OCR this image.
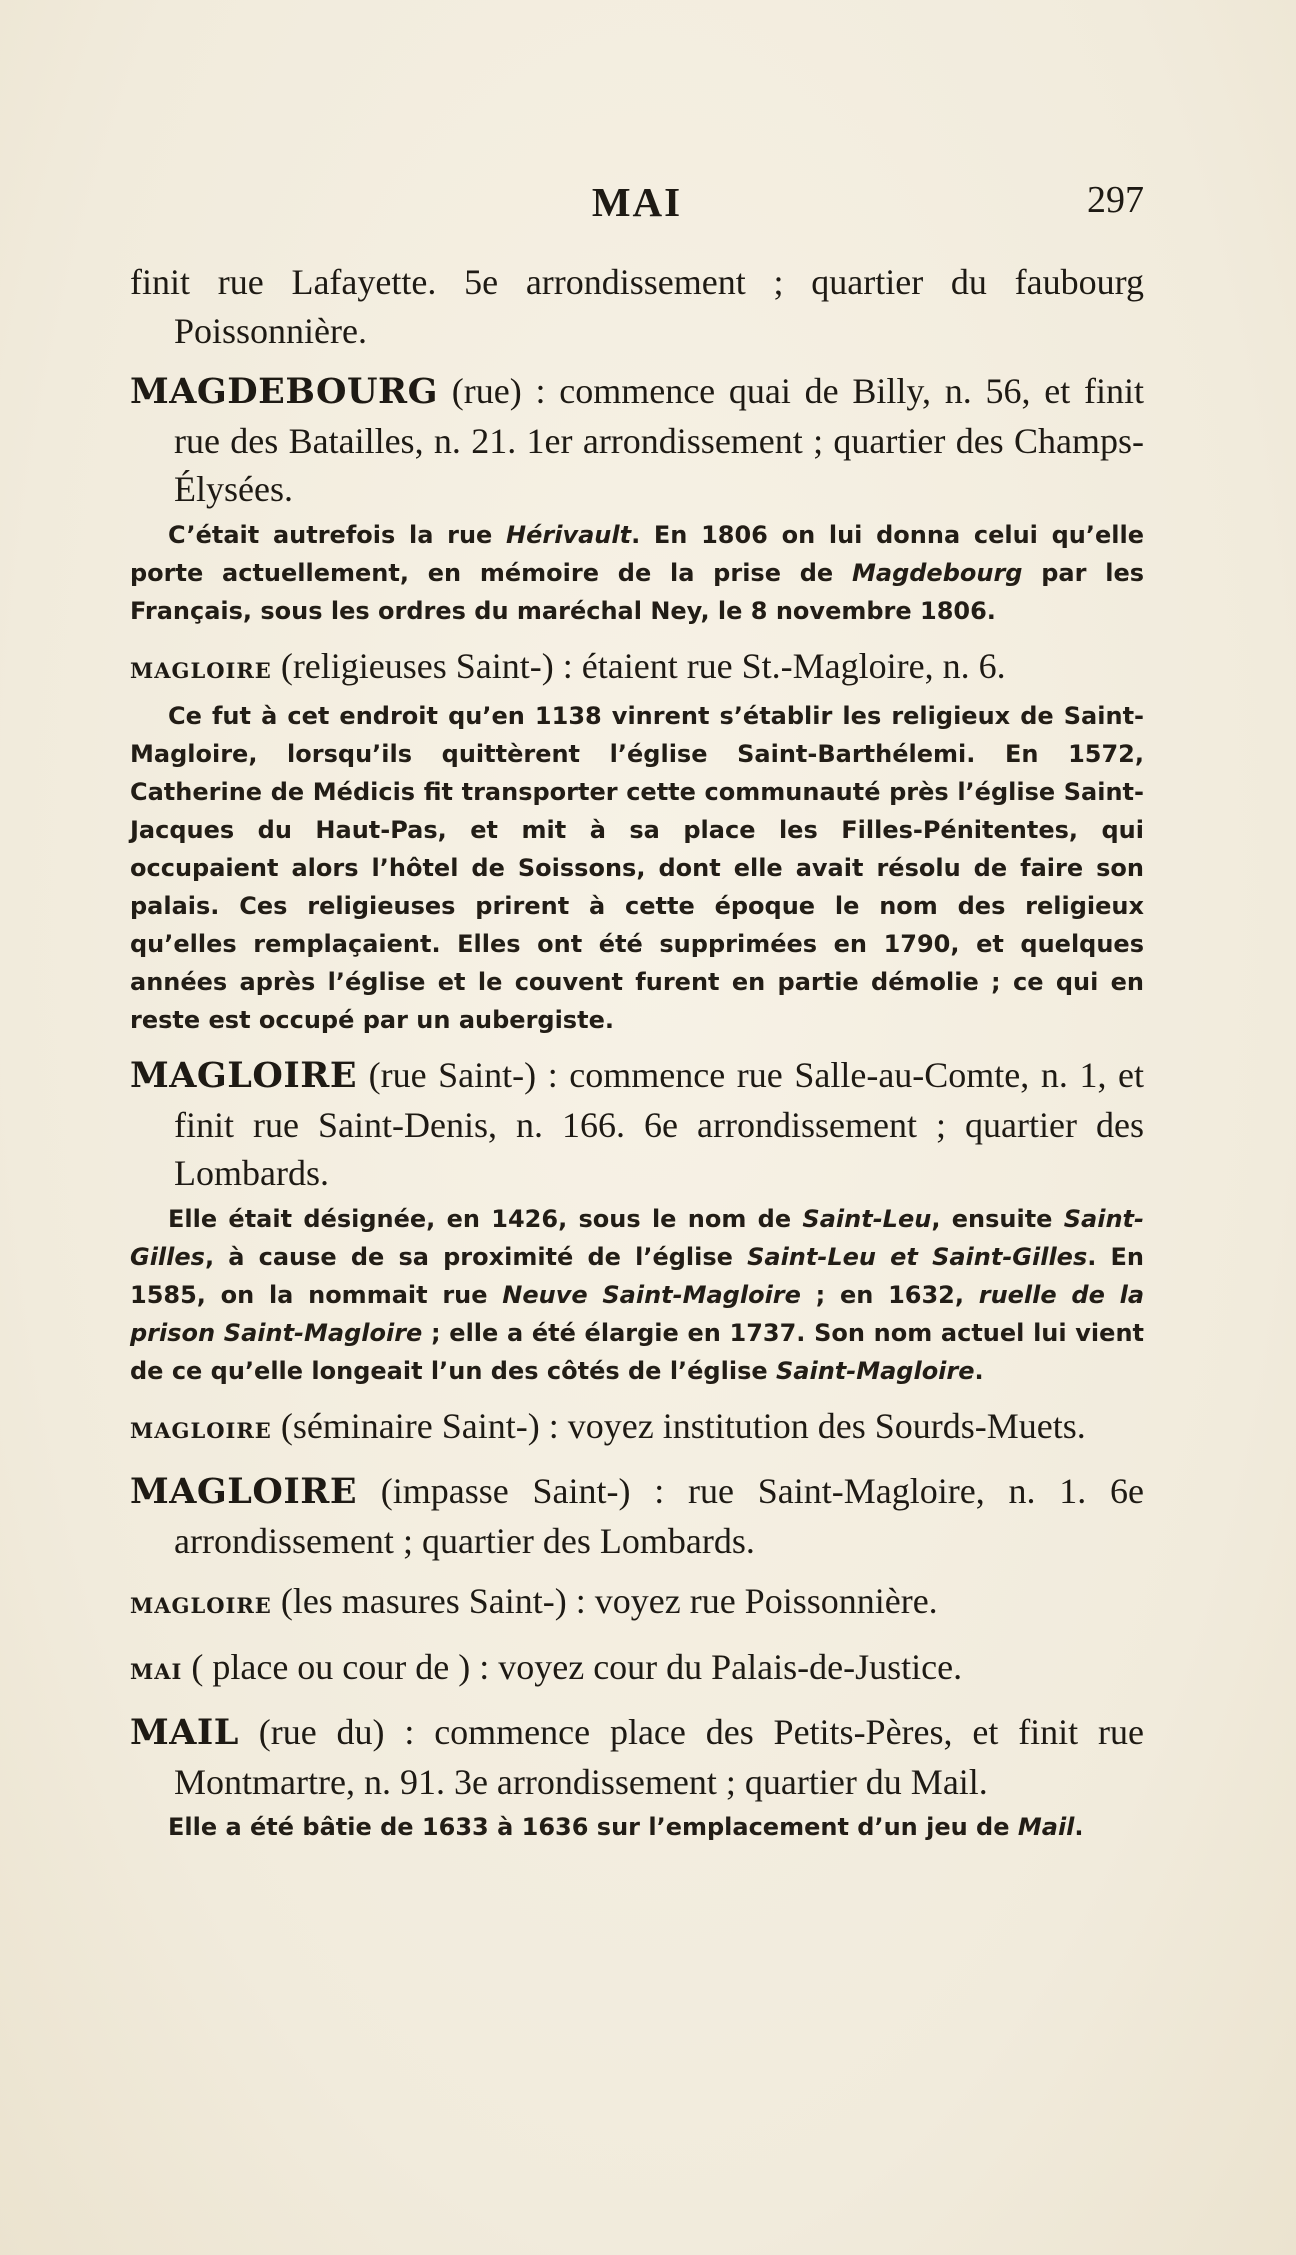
MAI	297

finit rue Lafayette. 5e arrondissement ; quartier du faubourg Poissonnière.

MAGDEBOURG (rue) : commence quai de Billy, n. 56, et finit rue des Batailles, n. 21. 1er arrondissement ; quartier des Champs-Élysées.

C’était autrefois la rue Hérivault. En 1806 on lui donna celui qu’elle porte actuellement, en mémoire de la prise de Magdebourg par les Français, sous les ordres du maréchal Ney, le 8 novembre 1806.

MAGLOIRE (religieuses Saint-) : étaient rue St.-Magloire, n. 6.

Ce fut à cet endroit qu’en 1138 vinrent s’établir les religieux de Saint-Magloire, lorsqu’ils quittèrent l’église Saint-Barthélemi. En 1572, Catherine de Médicis fit transporter cette communauté près l’église Saint-Jacques du Haut-Pas, et mit à sa place les Filles-Pénitentes, qui occupaient alors l’hôtel de Soissons, dont elle avait résolu de faire son palais. Ces religieuses prirent à cette époque le nom des religieux qu’elles remplaçaient. Elles ont été supprimées en 1790, et quelques années après l’église et le couvent furent en partie démolie ; ce qui en reste est occupé par un aubergiste.

MAGLOIRE (rue Saint-) : commence rue Salle-au-Comte, n. 1, et finit rue Saint-Denis, n. 166. 6e arrondissement ; quartier des Lombards.

Elle était désignée, en 1426, sous le nom de Saint-Leu, ensuite Saint-Gilles, à cause de sa proximité de l’église Saint-Leu et Saint-Gilles. En 1585, on la nommait rue Neuve Saint-Magloire ; en 1632, ruelle de la prison Saint-Magloire ; elle a été élargie en 1737. Son nom actuel lui vient de ce qu’elle longeait l’un des côtés de l’église Saint-Magloire.

MAGLOIRE (séminaire Saint-) : voyez institution des Sourds-Muets.

MAGLOIRE (impasse Saint-) : rue Saint-Magloire, n. 1. 6e arrondissement ; quartier des Lombards.

MAGLOIRE (les masures Saint-) : voyez rue Poissonnière.

MAI ( place ou cour de ) : voyez cour du Palais-de-Justice.

MAIL (rue du) : commence place des Petits-Pères, et finit rue Montmartre, n. 91. 3e arrondissement ; quartier du Mail.

Elle a été bâtie de 1633 à 1636 sur l’emplacement d’un jeu de Mail.
